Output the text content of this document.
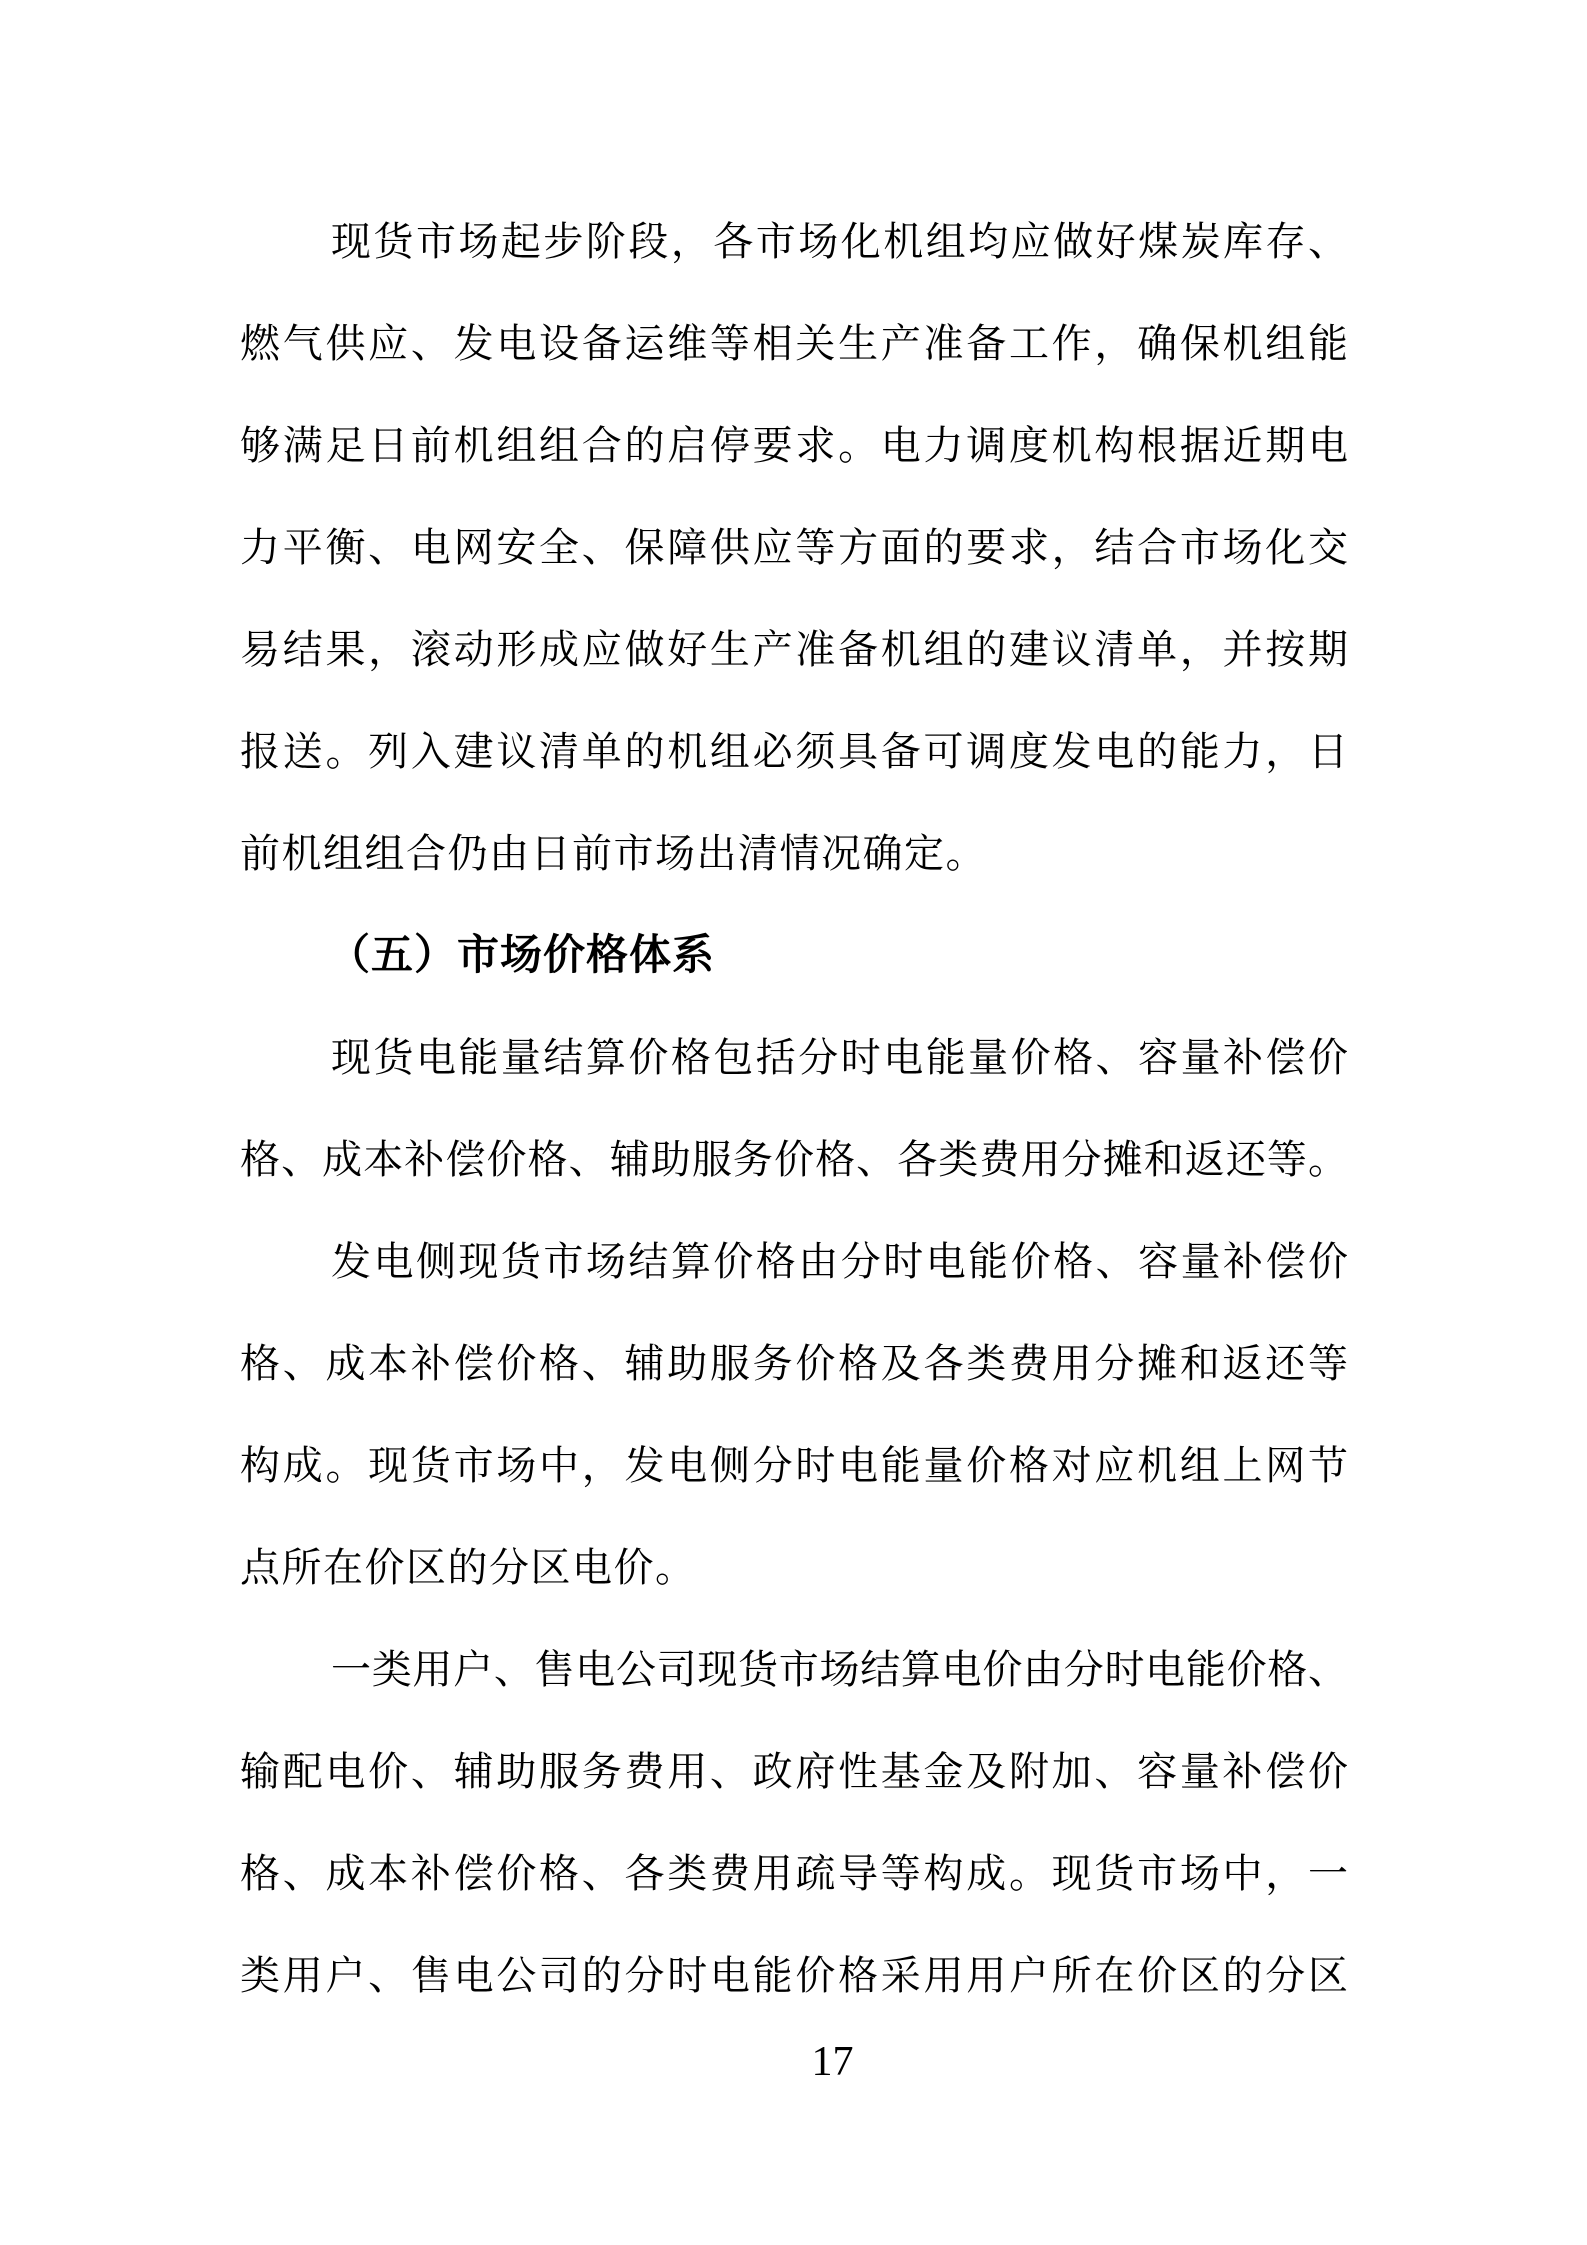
现货市场起步阶段，各市场化机组均应做好煤炭库存、
燃气供应、发电设备运维等相关生产准备工作，确保机组能
够满足日前机组组合的启停要求。电力调度机构根据近期电
力平衡、电网安全、保障供应等方面的要求，结合市场化交
易结果，滚动形成应做好生产准备机组的建议清单，并按期
报送。列入建议清单的机组必须具备可调度发电的能力，日
前机组组合仍由日前市场出清情况确定。
（五）市场价格体系
现货电能量结算价格包括分时电能量价格、容量补偿价
格、成本补偿价格、辅助服务价格、各类费用分摊和返还等。
发电侧现货市场结算价格由分时电能价格、容量补偿价
格、成本补偿价格、辅助服务价格及各类费用分摊和返还等
构成。现货市场中，发电侧分时电能量价格对应机组上网节
点所在价区的分区电价。
一类用户、售电公司现货市场结算电价由分时电能价格、
输配电价、辅助服务费用、政府性基金及附加、容量补偿价
格、成本补偿价格、各类费用疏导等构成。现货市场中，一
类用户、售电公司的分时电能价格采用用户所在价区的分区
17
